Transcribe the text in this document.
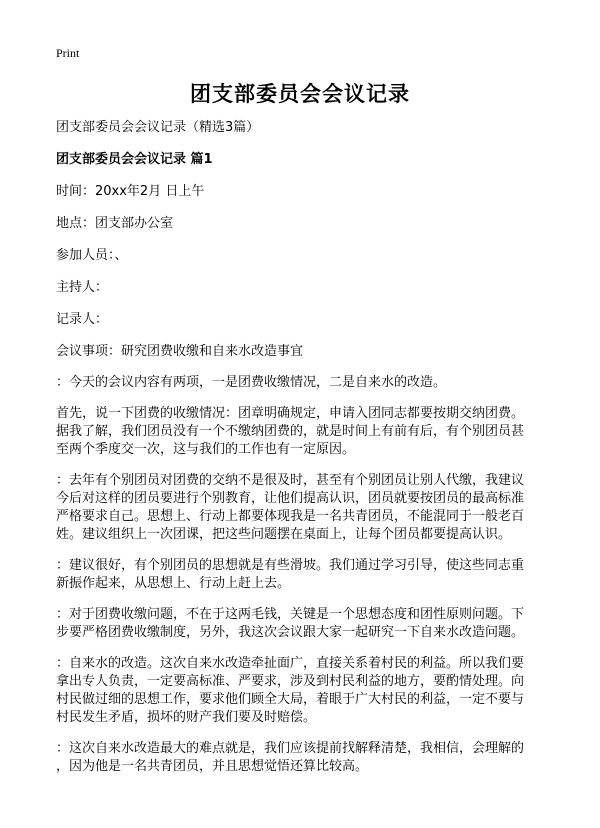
Print
团支部委员会会议记录

团支部委员会会议记录（精选3篇）

团支部委员会会议记录 篇1

时间：20xx年2月 日上午

地点：团支部办公室

参加人员：、

主持人：

记录人：

会议事项：研究团费收缴和自来水改造事宜

：今天的会议内容有两项，一是团费收缴情况，二是自来水的改造。

首先，说一下团费的收缴情况：团章明确规定，申请入团同志都要按期交纳团费。
据我了解，我们团员没有一个不缴纳团费的，就是时间上有前有后，有个别团员甚
至两个季度交一次，这与我们的工作也有一定原因。

：去年有个别团员对团费的交纳不是很及时，甚至有个别团员让别人代缴，我建议
今后对这样的团员要进行个别教育，让他们提高认识，团员就要按团员的最高标准
严格要求自己。思想上、行动上都要体现我是一名共青团员，不能混同于一般老百
姓。建议组织上一次团课，把这些问题摆在桌面上，让每个团员都要提高认识。

：建议很好，有个别团员的思想就是有些滑坡。我们通过学习引导，使这些同志重
新振作起来，从思想上、行动上赶上去。

：对于团费收缴问题，不在于这两毛钱，关键是一个思想态度和团性原则问题。下
步要严格团费收缴制度，另外，我这次会议跟大家一起研究一下自来水改造问题。

：自来水的改造。这次自来水改造牵扯面广，直接关系着村民的利益。所以我们要
拿出专人负责，一定要高标准、严要求，涉及到村民利益的地方，要酌情处理。向
村民做过细的思想工作，要求他们顾全大局，着眼于广大村民的利益，一定不要与
村民发生矛盾，损坏的财产我们要及时赔偿。

：这次自来水改造最大的难点就是，我们应该提前找解释清楚，我相信，会理解的
，因为他是一名共青团员，并且思想觉悟还算比较高。
